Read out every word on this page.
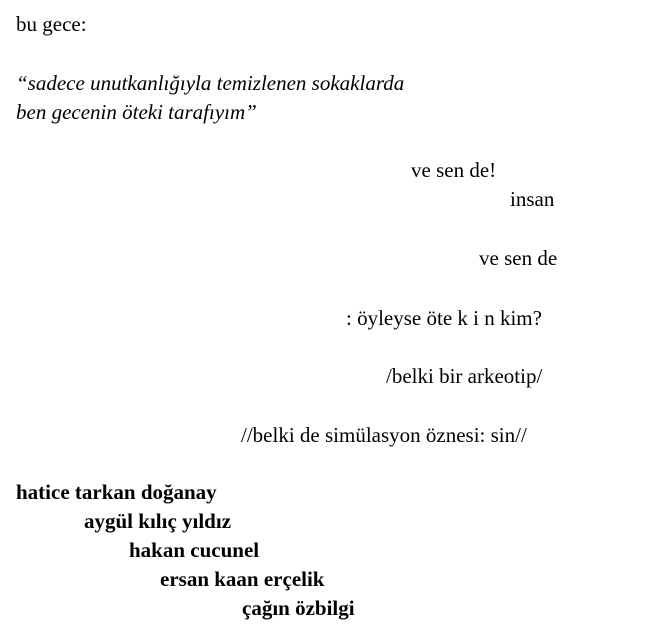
bu gece:
“sadece unutkanlığıyla temizlenen sokaklarda
ben gecenin öteki tarafıyım”
ve sen de!
insan
ve sen de
: öyleyse öte k i n kim?
/belki bir arkeotip/
//belki de simülasyon öznesi: sin//
hatice tarkan doğanay
aygül kılıç yıldız
hakan cucunel
ersan kaan erçelik
çağın özbilgi
